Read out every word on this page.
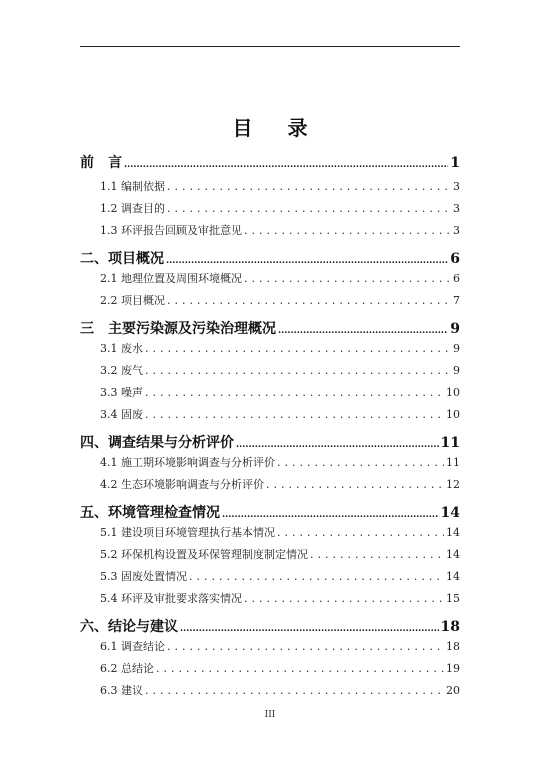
目 录
前　言 .....	1
1.1 编制依据 .....	3
1.2 调查目的 .....	3
1.3 环评报告回顾及审批意见 .....	3
二、项目概况 .....	6
2.1 地理位置及周围环境概况 .....	6
2.2 项目概况 .....	7
三　主要污染源及污染治理概况 .....	9
3.1 废水 .....	9
3.2 废气 .....	9
3.3 噪声 .....	10
3.4 固废 .....	10
四、调查结果与分析评价 .....	11
4.1 施工期环境影响调查与分析评价 .....	11
4.2 生态环境影响调查与分析评价 .....	12
五、环境管理检查情况 .....	14
5.1 建设项目环境管理执行基本情况 .....	14
5.2 环保机构设置及环保管理制度制定情况 .....	14
5.3 固废处置情况 .....	14
5.4 环评及审批要求落实情况 .....	15
六、结论与建议 .....	18
6.1 调查结论 .....	18
6.2 总结论 .....	19
6.3 建议 .....	20
III
